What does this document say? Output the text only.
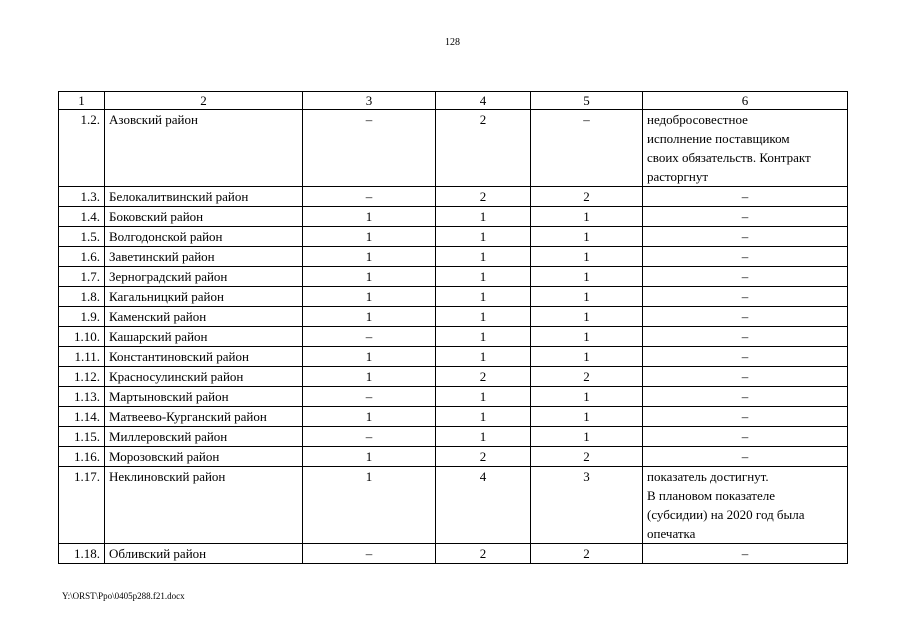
128
1	2	3	4	5	6
1.2.	Азовский район	–	2	–	недобросовестное
исполнение поставщиком
своих обязательств. Контракт
расторгнут

1.3.	Белокалитвинский район	–	2	2	–

1.4.	Боковский район	1	1	1	–

1.5.	Волгодонской район	1	1	1	–

1.6.	Заветинский район	1	1	1	–

1.7.	Зерноградский район	1	1	1	–

1.8.	Кагальницкий район	1	1	1	–

1.9.	Каменский район	1	1	1	–

1.10.	Кашарский район	–	1	1	–

1.11.	Константиновский район	1	1	1	–

1.12.	Красносулинский район	1	2	2	–

1.13.	Мартыновский район	–	1	1	–

1.14.	Матвеево-Курганский район	1	1	1	–

1.15.	Миллеровский район	–	1	1	–

1.16.	Морозовский район	1	2	2	–

1.17.	Неклиновский район	1	4	3	показатель достигнут.
В плановом показателе
(субсидии) на 2020 год была
опечатка

1.18.	Обливский район	–	2	2	–
Y:\ORST\Ppo\0405p288.f21.docx
